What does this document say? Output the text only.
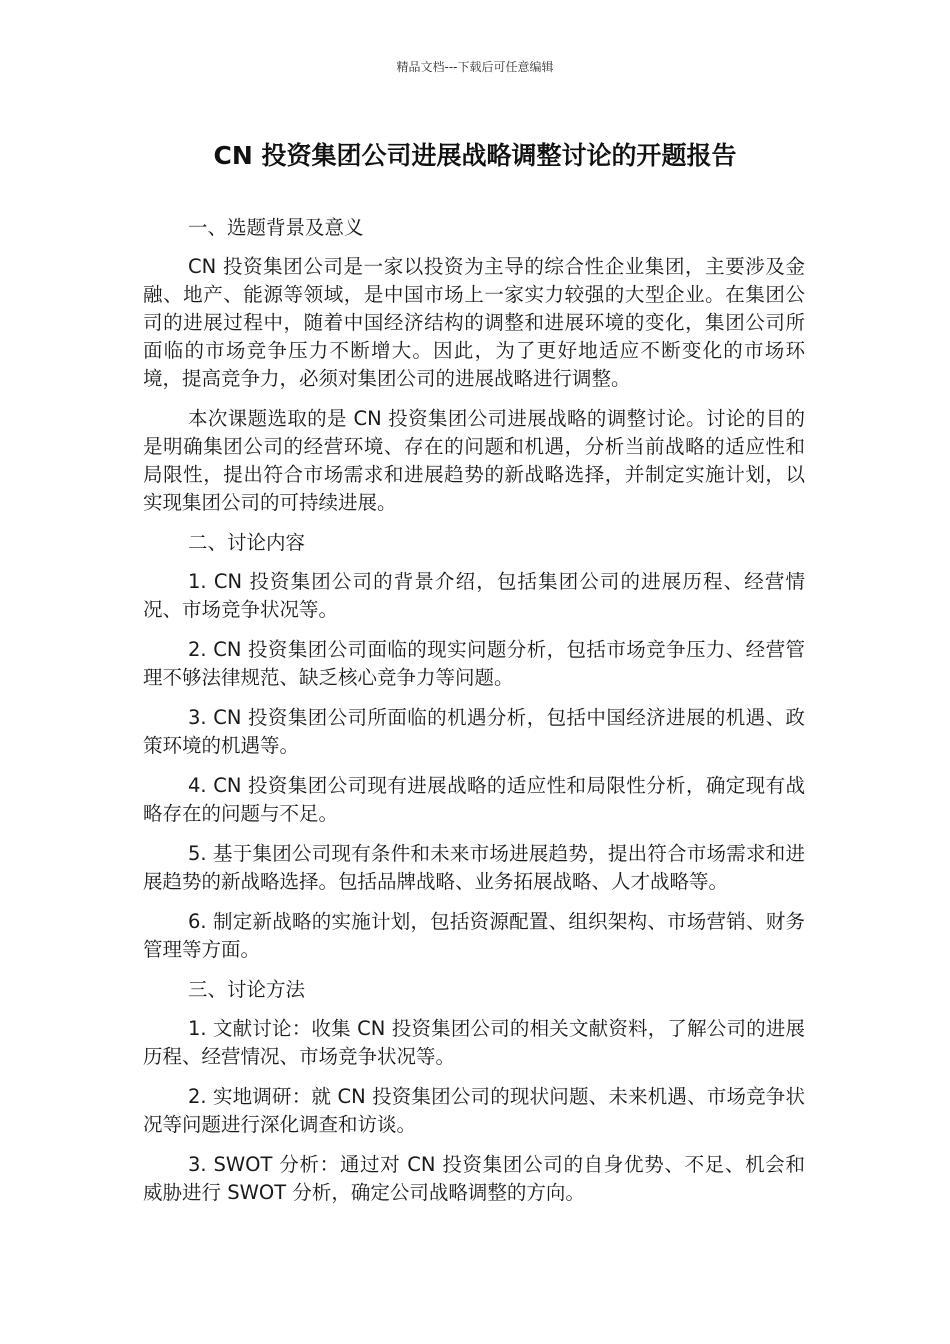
精品文档---下载后可任意编辑
CN 投资集团公司进展战略调整讨论的开题报告
一、选题背景及意义

CN 投资集团公司是一家以投资为主导的综合性企业集团，主要涉及金融、地产、能源等领域，是中国市场上一家实力较强的大型企业。在集团公司的进展过程中，随着中国经济结构的调整和进展环境的变化，集团公司所面临的市场竞争压力不断增大。因此，为了更好地适应不断变化的市场环境，提高竞争力，必须对集团公司的进展战略进行调整。

本次课题选取的是 CN 投资集团公司进展战略的调整讨论。讨论的目的是明确集团公司的经营环境、存在的问题和机遇，分析当前战略的适应性和局限性，提出符合市场需求和进展趋势的新战略选择，并制定实施计划，以实现集团公司的可持续进展。

二、讨论内容

1. CN 投资集团公司的背景介绍，包括集团公司的进展历程、经营情况、市场竞争状况等。

2. CN 投资集团公司面临的现实问题分析，包括市场竞争压力、经营管理不够法律规范、缺乏核心竞争力等问题。

3. CN 投资集团公司所面临的机遇分析，包括中国经济进展的机遇、政策环境的机遇等。

4. CN 投资集团公司现有进展战略的适应性和局限性分析，确定现有战略存在的问题与不足。

5. 基于集团公司现有条件和未来市场进展趋势，提出符合市场需求和进展趋势的新战略选择。包括品牌战略、业务拓展战略、人才战略等。

6. 制定新战略的实施计划，包括资源配置、组织架构、市场营销、财务管理等方面。

三、讨论方法

1. 文献讨论：收集 CN 投资集团公司的相关文献资料，了解公司的进展历程、经营情况、市场竞争状况等。

2. 实地调研：就 CN 投资集团公司的现状问题、未来机遇、市场竞争状况等问题进行深化调查和访谈。

3. SWOT 分析：通过对 CN 投资集团公司的自身优势、不足、机会和威胁进行 SWOT 分析，确定公司战略调整的方向。
